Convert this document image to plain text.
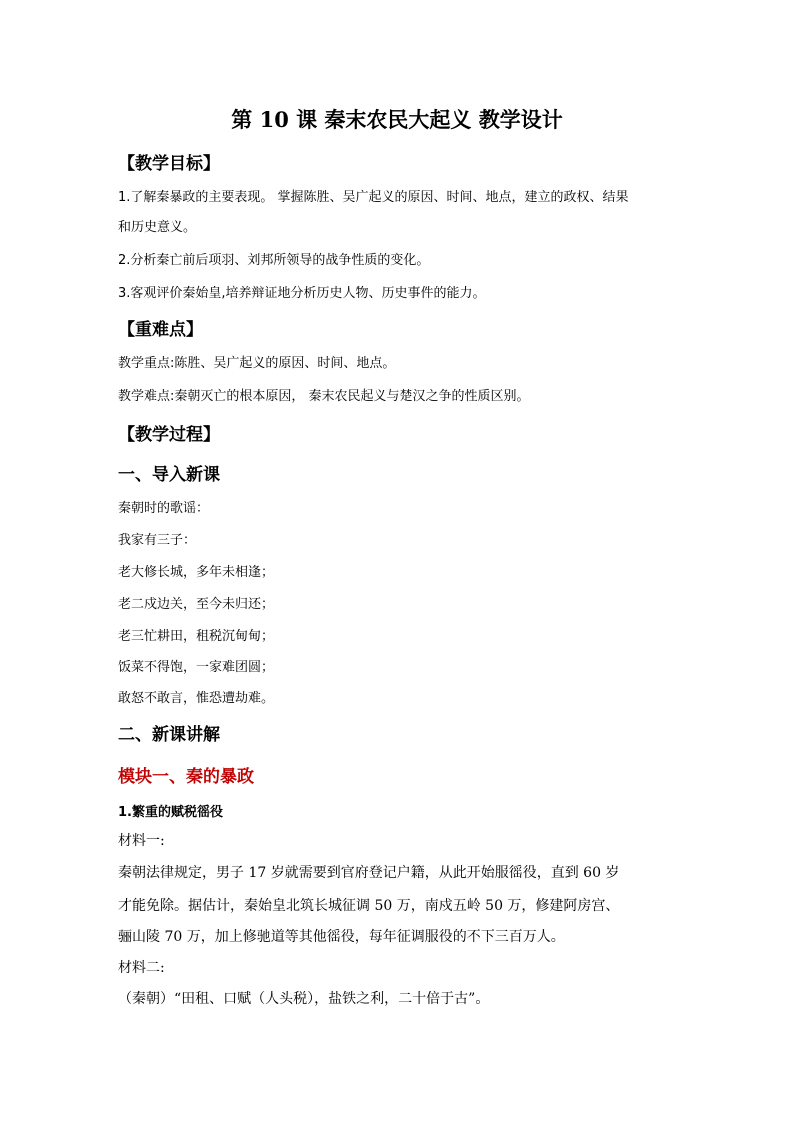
第 10 课 秦末农民大起义 教学设计
【教学目标】
1.了解秦暴政的主要表现。 掌握陈胜、吴广起义的原因、时间、地点，建立的政权、结果
和历史意义。
2.分析秦亡前后项羽、刘邦所领导的战争性质的变化。
3.客观评价秦始皇,培养辩证地分析历史人物、历史事件的能力。
【重难点】
教学重点:陈胜、吴广起义的原因、时间、地点。
教学难点:秦朝灭亡的根本原因， 秦末农民起义与楚汉之争的性质区别。
【教学过程】
一、导入新课
秦朝时的歌谣：
我家有三子：
老大修长城，多年未相逢；
老二戍边关，至今未归还；
老三忙耕田，租税沉甸甸；
饭菜不得饱，一家难团圆；
敢怒不敢言，惟恐遭劫难。
二、新课讲解
模块一、秦的暴政
1.繁重的赋税徭役
材料一:
秦朝法律规定，男子 17 岁就需要到官府登记户籍，从此开始服徭役，直到 60 岁
才能免除。据估计，秦始皇北筑长城征调 50 万，南戍五岭 50 万，修建阿房宫、
骊山陵 70 万，加上修驰道等其他徭役，每年征调服役的不下三百万人。
材料二:
（秦朝）“田租、口赋（人头税），盐铁之利，二十倍于古”。
